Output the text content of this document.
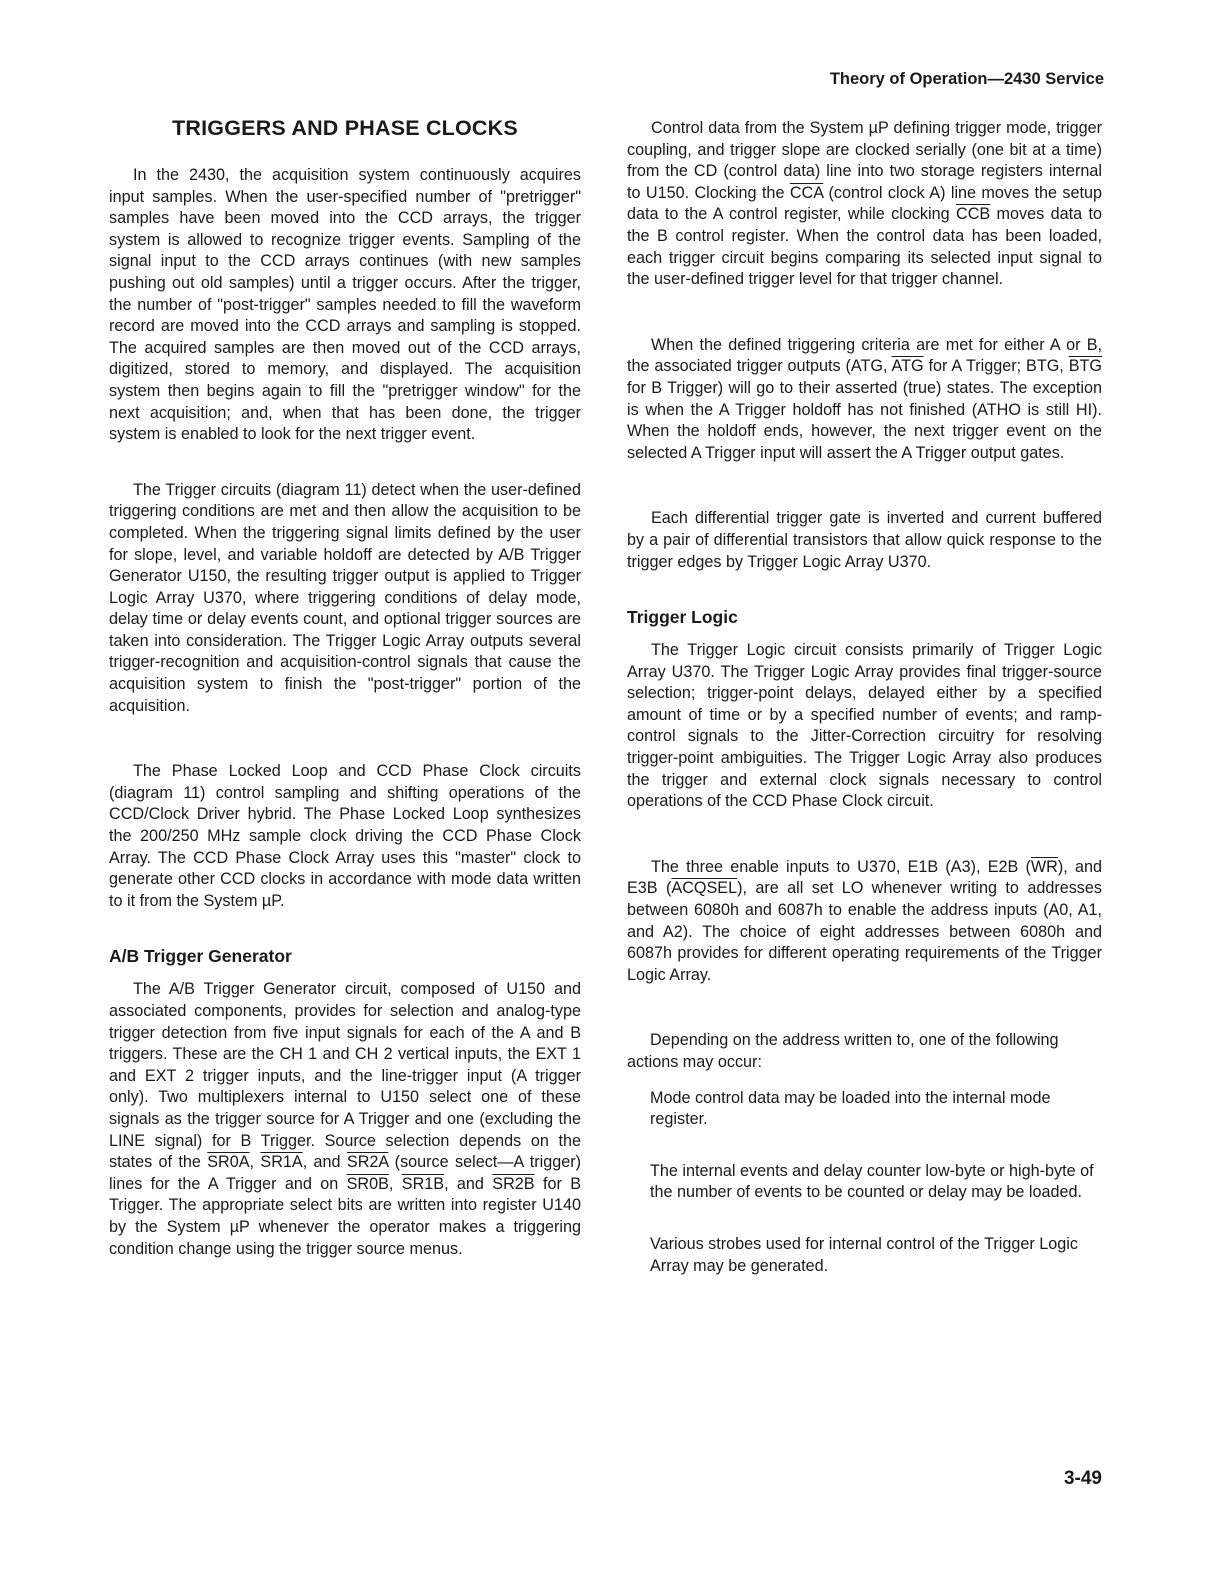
Theory of Operation—2430 Service
TRIGGERS AND PHASE CLOCKS

In the 2430, the acquisition system continuously acquires input samples. When the user-specified number of "pretrigger" samples have been moved into the CCD arrays, the trigger system is allowed to recognize trigger events. Sampling of the signal input to the CCD arrays continues (with new samples pushing out old samples) until a trigger occurs. After the trigger, the number of "post-trigger" samples needed to fill the waveform record are moved into the CCD arrays and sampling is stopped. The acquired samples are then moved out of the CCD arrays, digitized, stored to memory, and displayed. The acquisition system then begins again to fill the "pretrigger window" for the next acquisition; and, when that has been done, the trigger system is enabled to look for the next trigger event.

The Trigger circuits (diagram 11) detect when the user-defined triggering conditions are met and then allow the acquisition to be completed. When the triggering signal limits defined by the user for slope, level, and variable holdoff are detected by A/B Trigger Generator U150, the resulting trigger output is applied to Trigger Logic Array U370, where triggering conditions of delay mode, delay time or delay events count, and optional trigger sources are taken into consideration. The Trigger Logic Array outputs several trigger-recognition and acquisition-control signals that cause the acquisition system to finish the "post-trigger" portion of the acquisition.

The Phase Locked Loop and CCD Phase Clock circuits (diagram 11) control sampling and shifting operations of the CCD/Clock Driver hybrid. The Phase Locked Loop synthesizes the 200/250 MHz sample clock driving the CCD Phase Clock Array. The CCD Phase Clock Array uses this "master" clock to generate other CCD clocks in accordance with mode data written to it from the System µP.

A/B Trigger Generator

The A/B Trigger Generator circuit, composed of U150 and associated components, provides for selection and analog-type trigger detection from five input signals for each of the A and B triggers. These are the CH 1 and CH 2 vertical inputs, the EXT 1 and EXT 2 trigger inputs, and the line-trigger input (A trigger only). Two multiplexers internal to U150 select one of these signals as the trigger source for A Trigger and one (excluding the LINE signal) for B Trigger. Source selection depends on the states of the SR0A, SR1A, and SR2A (source select—A trigger) lines for the A Trigger and on SR0B, SR1B, and SR2B for B Trigger. The appropriate select bits are written into register U140 by the System µP whenever the operator makes a triggering condition change using the trigger source menus.

Control data from the System µP defining trigger mode, trigger coupling, and trigger slope are clocked serially (one bit at a time) from the CD (control data) line into two storage registers internal to U150. Clocking the $\overline{CCA}$ (control clock A) line moves the setup data to the A control register, while clocking $\overline{CCB}$ moves data to the B control register. When the control data has been loaded, each trigger circuit begins comparing its selected input signal to the user-defined trigger level for that trigger channel.

When the defined triggering criteria are met for either A or B, the associated trigger outputs (ATG, $\overline{ATG}$ for A Trigger; BTG, $\overline{BTG}$ for B Trigger) will go to their asserted (true) states. The exception is when the A Trigger holdoff has not finished (ATHO is still HI). When the holdoff ends, however, the next trigger event on the selected A Trigger input will assert the A Trigger output gates.

Each differential trigger gate is inverted and current buffered by a pair of differential transistors that allow quick response to the trigger edges by Trigger Logic Array U370.

Trigger Logic

The Trigger Logic circuit consists primarily of Trigger Logic Array U370. The Trigger Logic Array provides final trigger-source selection; trigger-point delays, delayed either by a specified amount of time or by a specified number of events; and ramp-control signals to the Jitter-Correction circuitry for resolving trigger-point ambiguities. The Trigger Logic Array also produces the trigger and external clock signals necessary to control operations of the CCD Phase Clock circuit.

The three enable inputs to U370, E1B (A3), E2B $(\overline{WR})$, and E3B (ACQSEL), are all set LO whenever writing to addresses between 6080h and 6087h to enable the address inputs (A0, A1, and A2). The choice of eight addresses between 6080h and 6087h provides for different operating requirements of the Trigger Logic Array.

Depending on the address written to, one of the following actions may occur:

Mode control data may be loaded into the internal mode register.

The internal events and delay counter low-byte or high-byte of the number of events to be counted or delay may be loaded.

Various strobes used for internal control of the Trigger Logic Array may be generated.

3-49
